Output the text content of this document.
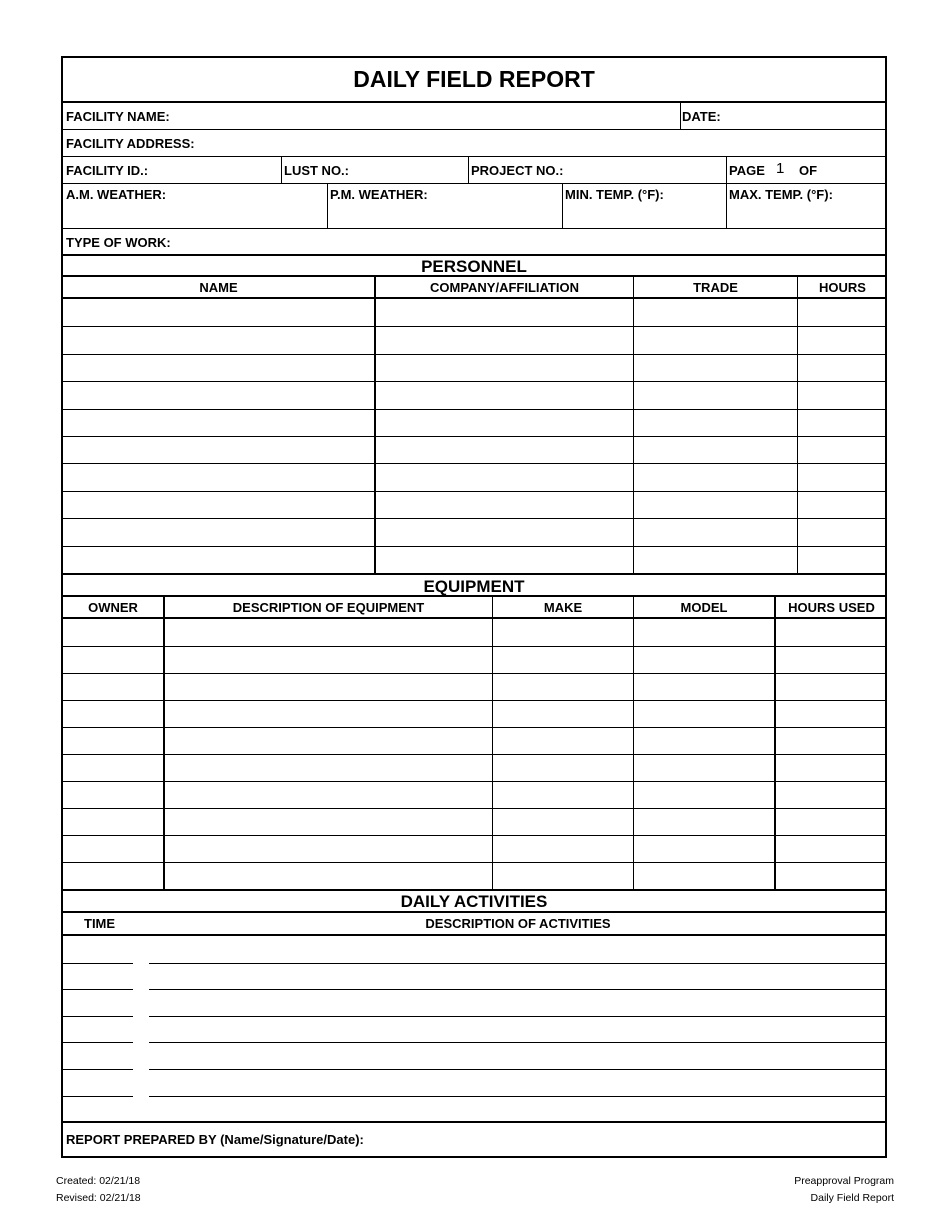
DAILY FIELD REPORT
FACILITY NAME:	DATE:
FACILITY ADDRESS:
FACILITY ID.:	LUST NO.:	PROJECT NO.:	PAGE 1 OF
A.M. WEATHER:	P.M. WEATHER:	MIN. TEMP. (°F):	MAX. TEMP. (°F):
TYPE OF WORK:
PERSONNEL
NAME	COMPANY/AFFILIATION	TRADE	HOURS
EQUIPMENT
OWNER	DESCRIPTION OF EQUIPMENT	MAKE	MODEL	HOURS USED
DAILY ACTIVITIES
TIME	DESCRIPTION OF ACTIVITIES
REPORT PREPARED BY (Name/Signature/Date):
Created: 02/21/18
Revised: 02/21/18
Preapproval Program
Daily Field Report
